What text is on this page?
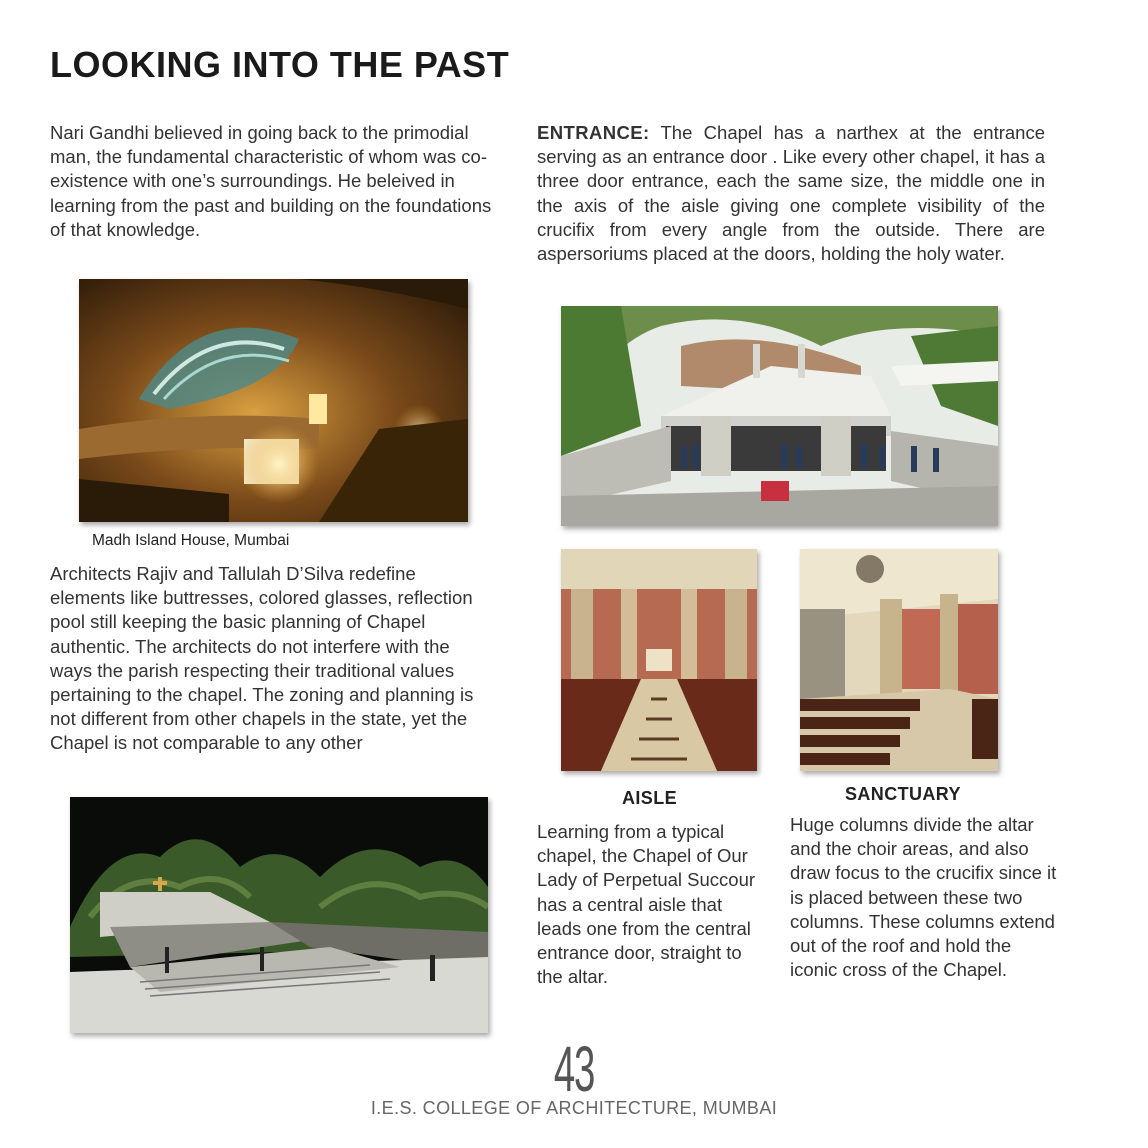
LOOKING INTO THE PAST
Nari Gandhi believed in going back to the primodial man, the fundamental characteristic of whom was co-existence with one’s surroundings. He beleived in learning from the past and building on the foundations of that knowledge.
Madh Island House, Mumbai
Architects Rajiv and Tallulah D’Silva redefine elements like buttresses, colored glasses, reflection pool still keeping the basic planning of Chapel authentic. The architects do not interfere with the ways the parish respecting their traditional values pertaining to the chapel. The zoning and planning is not different from other chapels in the state, yet the Chapel is not comparable to any other
ENTRANCE: The Chapel has a narthex at the entrance serving as an entrance door . Like every other chapel, it has a three door entrance, each the same size, the middle one in the axis of the aisle giving one complete visibility of the crucifix from every angle from the outside. There are aspersoriums placed at the doors, holding the holy water.
AISLE
Learning from a typical chapel, the Chapel of Our Lady of Perpetual Succour has a central aisle that leads one from the central entrance door, straight to the altar.
SANCTUARY
Huge columns divide the altar and the choir areas, and also draw focus to the crucifix since it is placed between these two columns. These columns extend out of the roof and hold the iconic cross of the Chapel.
43
I.E.S. COLLEGE OF ARCHITECTURE, MUMBAI
